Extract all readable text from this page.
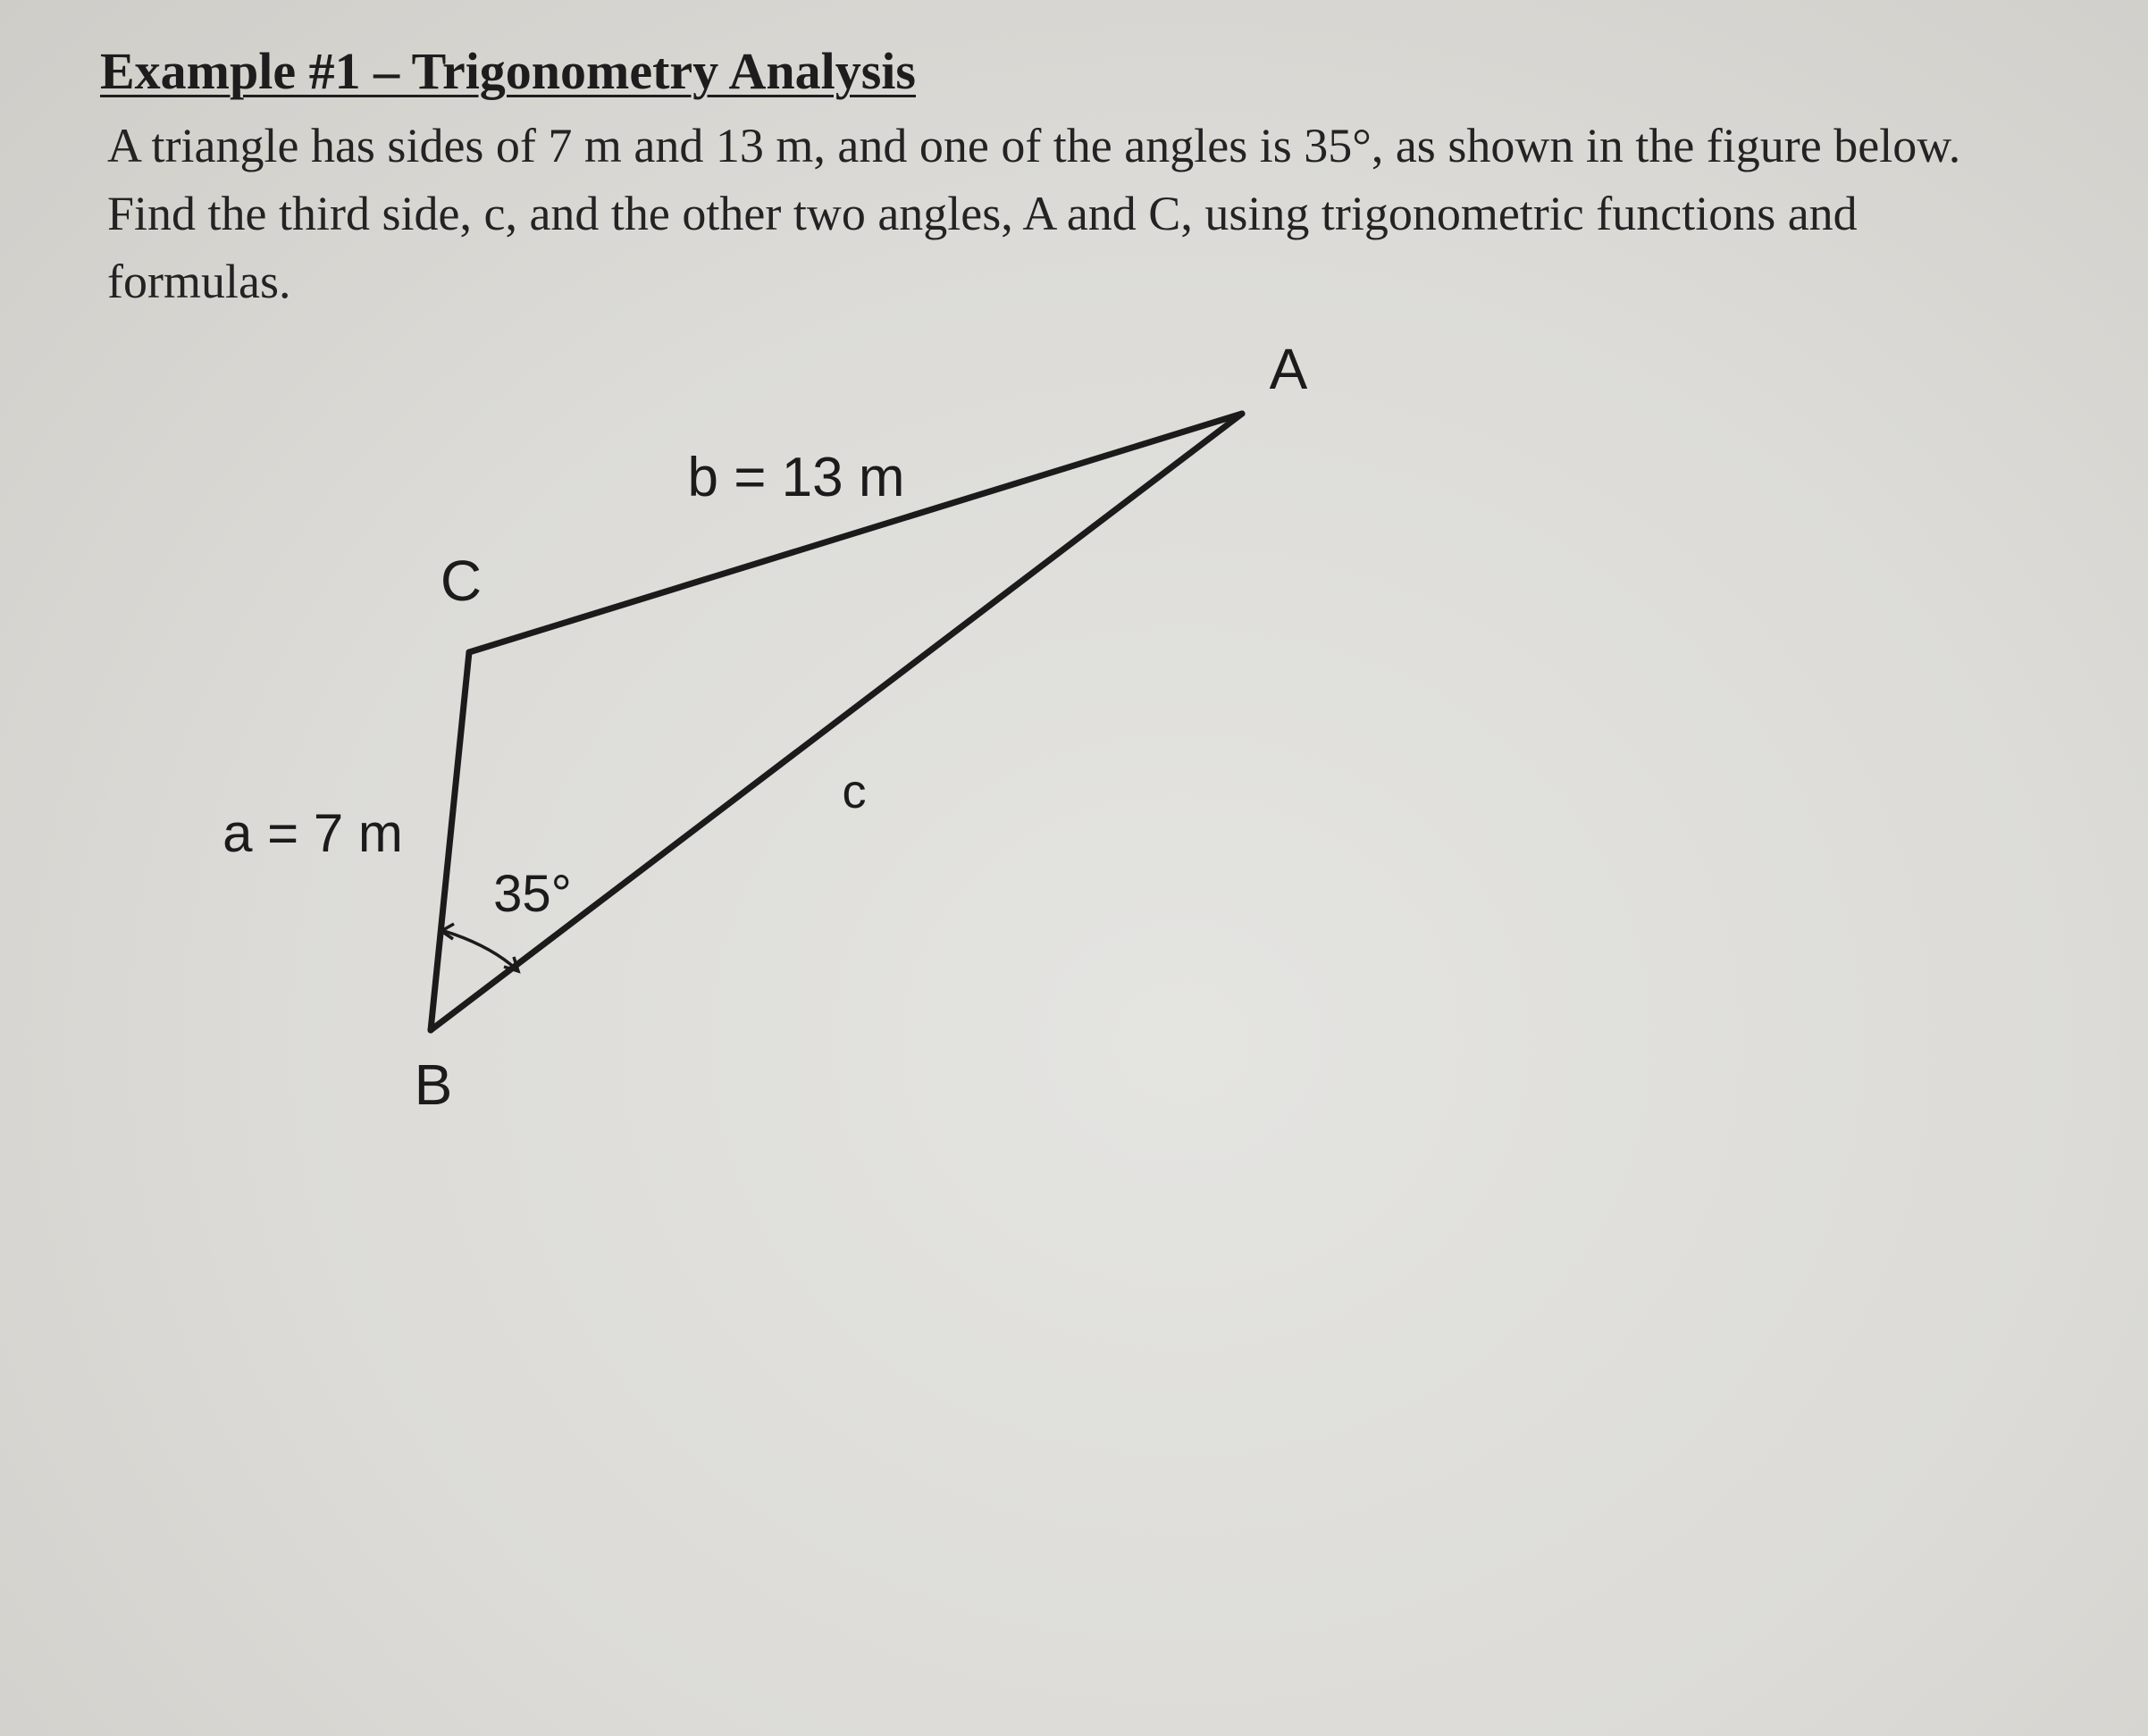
Example #1 – Trigonometry Analysis
A triangle has sides of 7 m and 13 m, and one of the angles is 35°, as shown in the figure below.
Find the third side, c, and the other two angles, A and C, using trigonometric functions and
formulas.
A
C
B
b = 13 m
a = 7 m
c
35°
